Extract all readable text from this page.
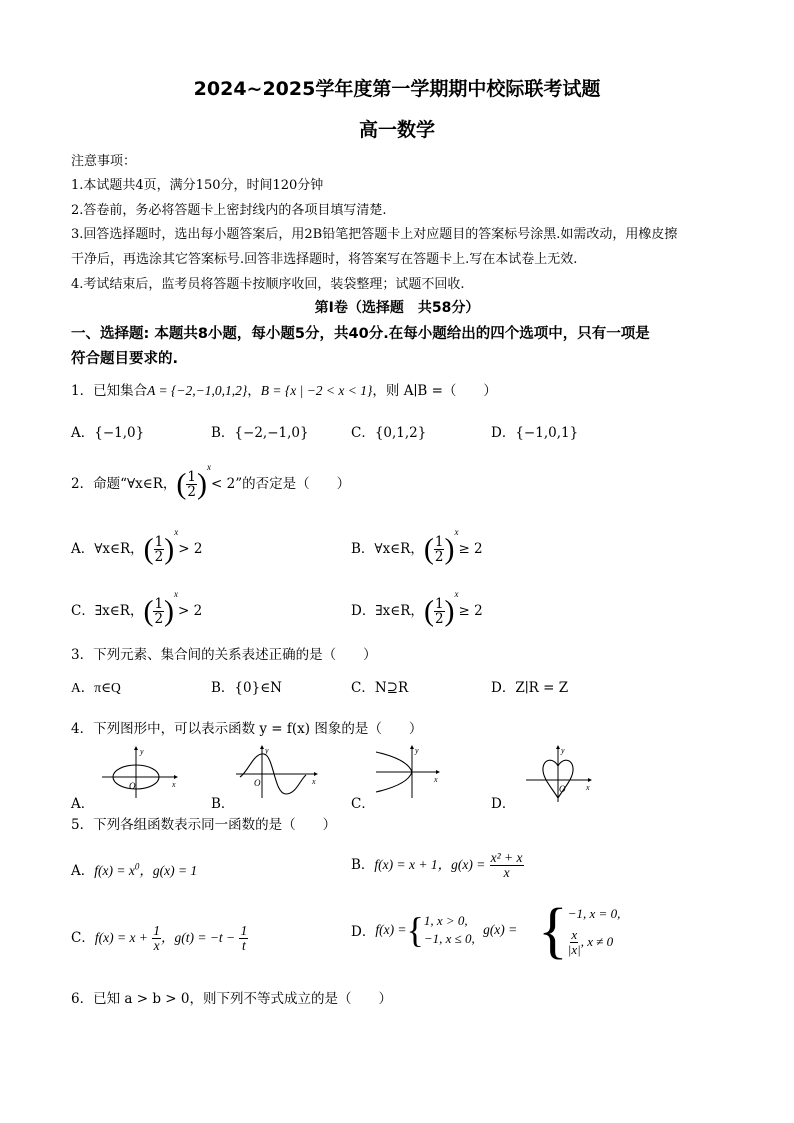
2024~2025学年度第一学期期中校际联考试题
高一数学
注意事项：
1.本试题共4页，满分150分，时间120分钟
2.答卷前，务必将答题卡上密封线内的各项目填写清楚.
3.回答选择题时，选出每小题答案后，用2B铅笔把答题卡上对应题目的答案标号涂黑.如需改动，用橡皮擦
干净后，再选涂其它答案标号.回答非选择题时，将答案写在答题卡上.写在本试卷上无效.
4.考试结束后，监考员将答题卡按顺序收回，装袋整理；试题不回收.
第Ⅰ卷（选择题　共58分）
一、选择题: 本题共8小题，每小题5分，共40分.在每小题给出的四个选项中，只有一项是
符合题目要求的.
1．已知集合A = {−2,−1,0,1,2}，B = {x | −2 < x < 1}，则 A∣B =（　　）
A．{−1,0}	B．{−2,−1,0}	C．{0,1,2}	D．{−1,0,1}
2．命题“∀x∈R，( $\frac{1}{2} )^x< 2$”的否定是（　　）
A．∀x∈R，( $\frac{1}{2} )^x> 2$	B．∀x∈R，( $\frac{1}{2} )^x\ge 2$
C．∃x∈R，( $\frac{1}{2} )^x> 2$	D．∃x∈R，( $\frac{1}{2} )^x\ge 2$
3．下列元素、集合间的关系表述正确的是（　　）
A．π∈Q	B．{0}∈N	C．N⊇R	D．Z∣R = Z
4．下列图形中，可以表示函数 y = f(x) 图象的是（　　）
A．	B．	C．	D．
y
x
O
y
x
O
y
x
y
x
O
5．下列各组函数表示同一函数的是（　　）
A．$f(x) = x^0$，g(x) = 1	B．f(x) = x + 1，$g(x) = \frac{\text{x² + x}}{x}$
C．$f(x) = x + \frac{1}{x}$ ，$g(t) = -t - \frac{1}{t}$	D．f(x) ={ 1, x > 0,
−1, x ≤ 0,
g(x) = { −1, x = 0,
$\frac{x}{|x|}$ , x ≠ 0
6．已知 a > b > 0，则下列不等式成立的是（　　）
